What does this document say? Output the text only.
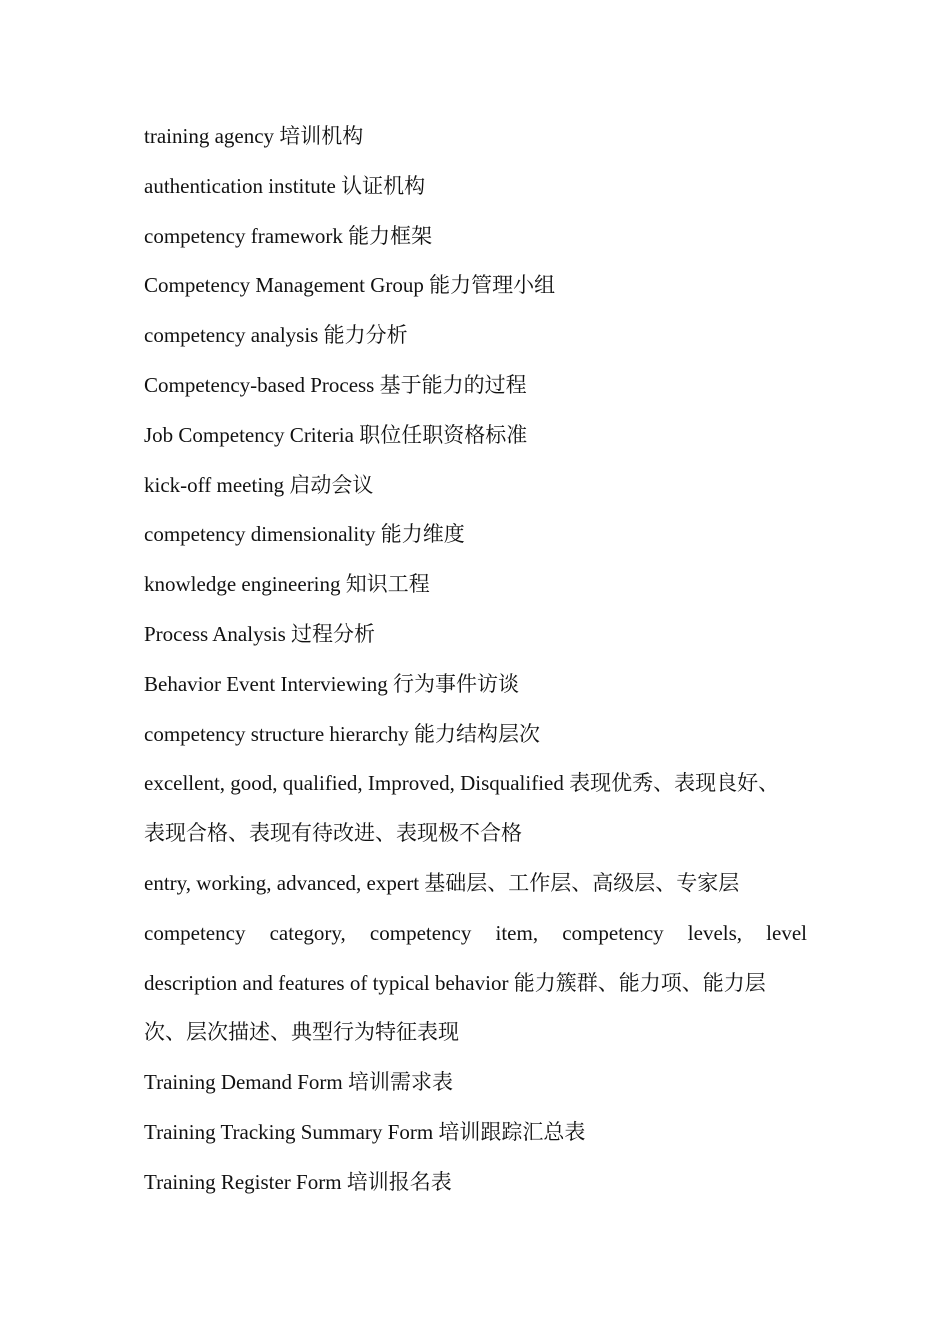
training agency 培训机构
authentication institute 认证机构
competency framework 能力框架
Competency Management Group 能力管理小组
competency analysis 能力分析
Competency-based Process 基于能力的过程
Job Competency Criteria 职位任职资格标准
kick-off meeting 启动会议
competency dimensionality 能力维度
knowledge engineering 知识工程
Process Analysis 过程分析
Behavior Event Interviewing 行为事件访谈
competency structure hierarchy 能力结构层次
excellent, good, qualified, Improved, Disqualified 表现优秀、表现良好、
表现合格、表现有待改进、表现极不合格
entry, working, advanced, expert 基础层、工作层、高级层、专家层
competency category, competency item, competency levels, level
description and features of typical behavior 能力簇群、能力项、能力层
次、层次描述、典型行为特征表现
Training Demand Form 培训需求表
Training Tracking Summary Form 培训跟踪汇总表
Training Register Form 培训报名表
